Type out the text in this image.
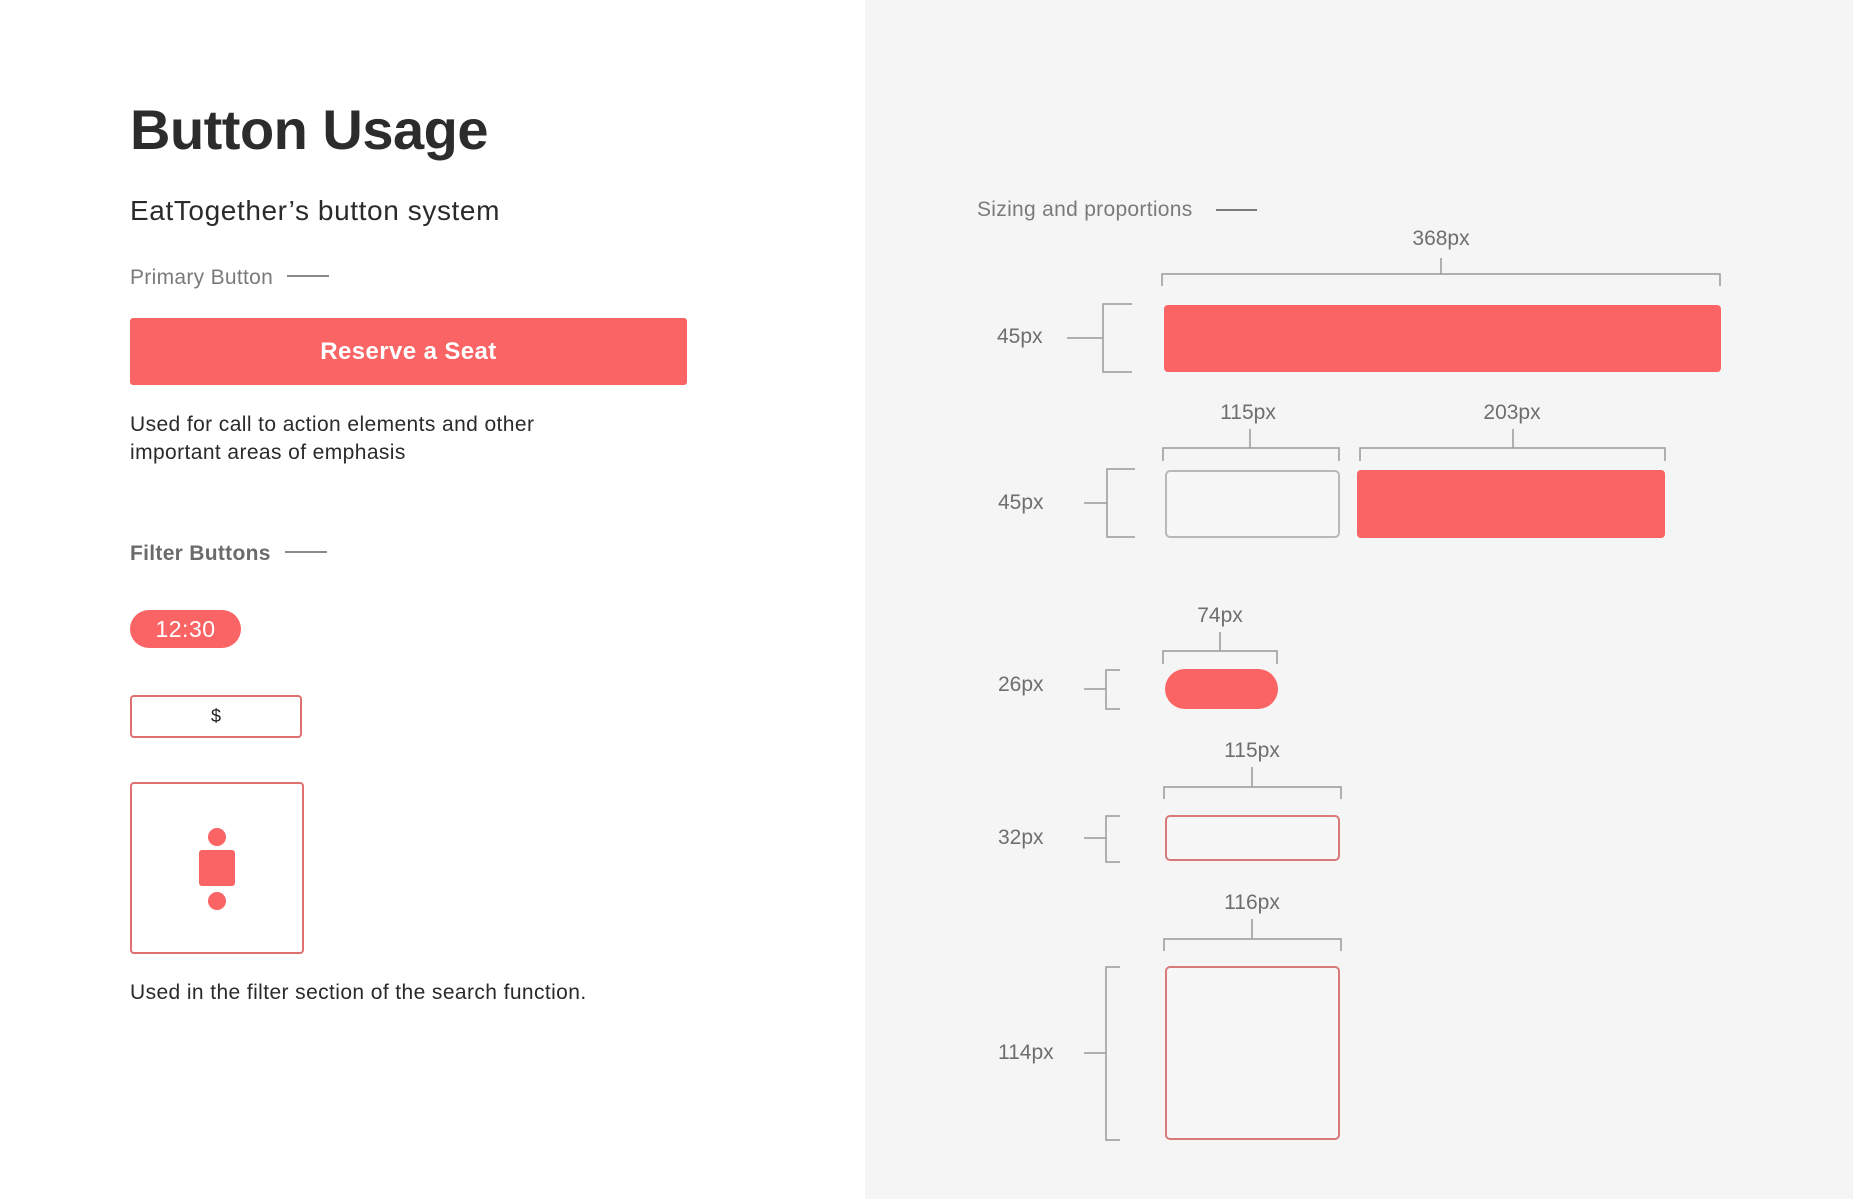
Button Usage
EatTogether’s button system
Primary Button
Reserve a Seat
Used for call to action elements and other
important areas of emphasis
Filter Buttons
12:30
$
Used in the filter section of the search function.
Sizing and proportions
368px
45px
115px	203px
45px
74px
26px
115px
32px
116px
114px
